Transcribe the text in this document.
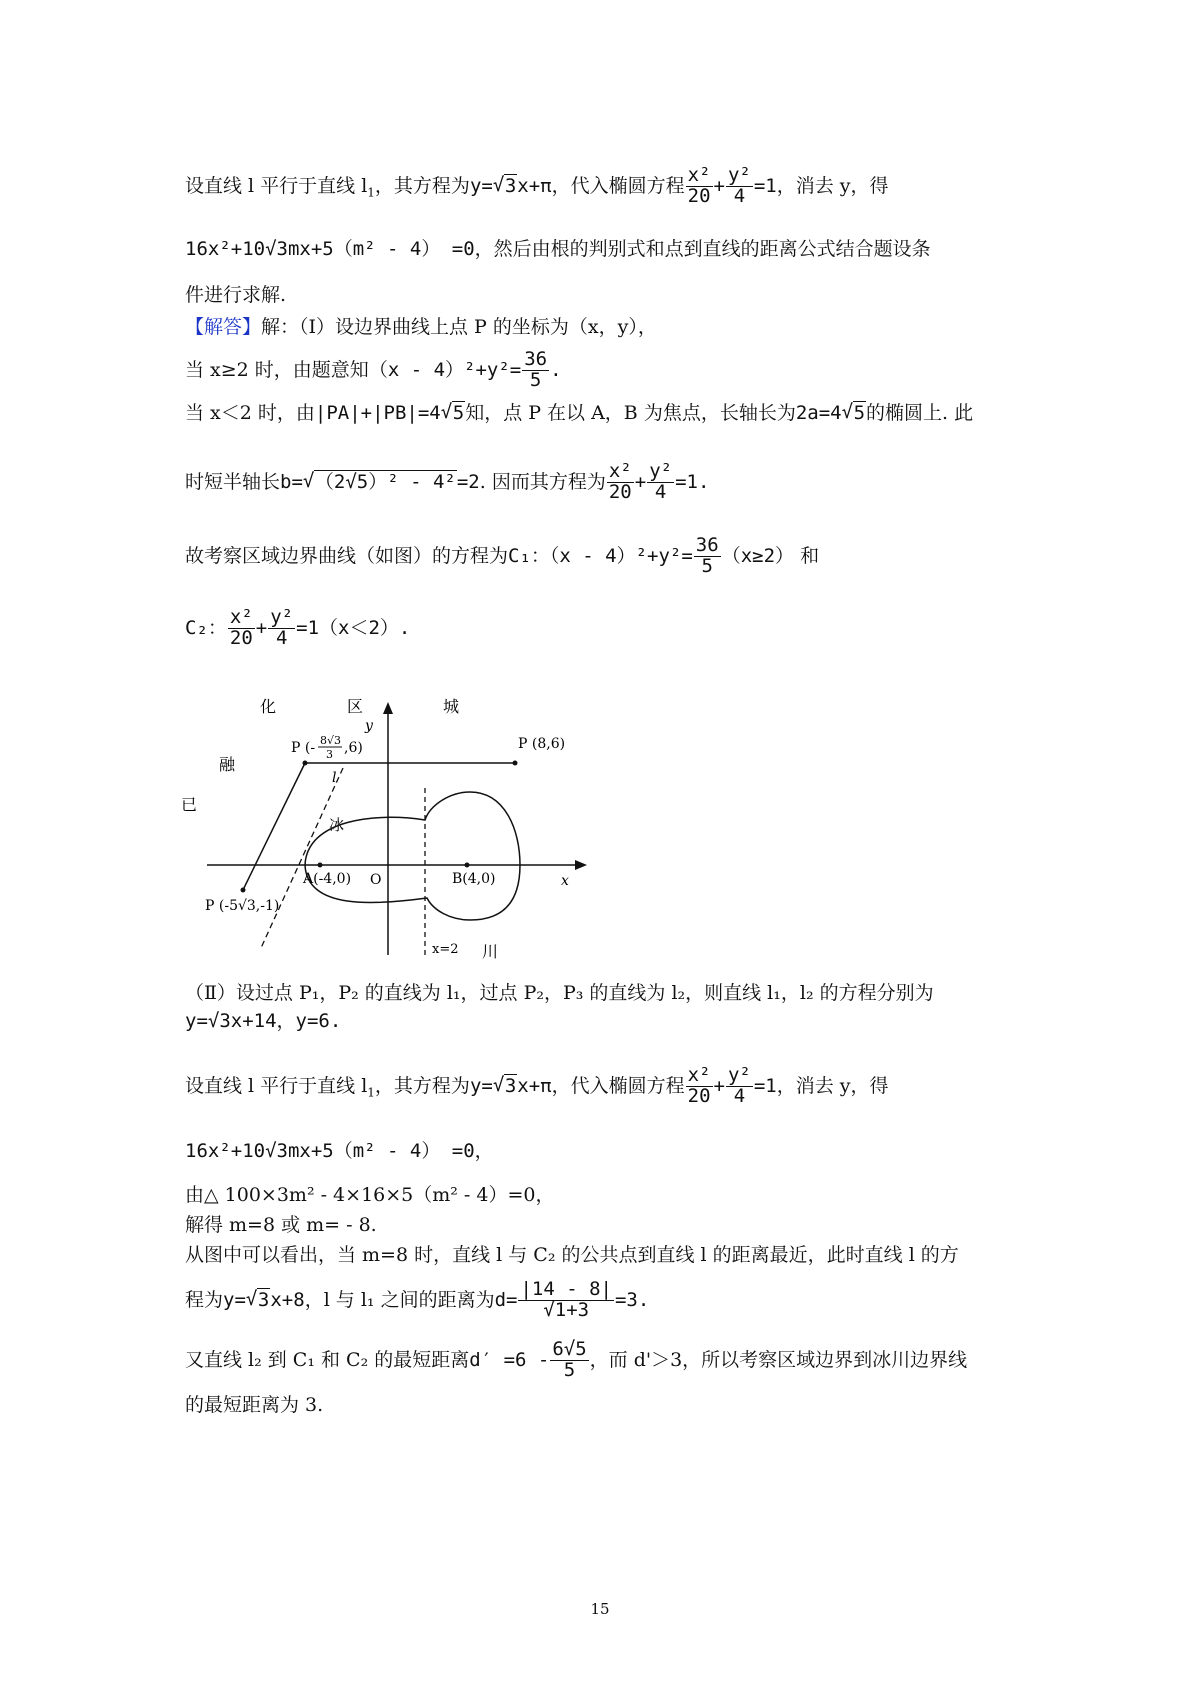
设直线 l 平行于直线 $l_1$，其方程为y= √ 3x+π，代入椭圆方程 $\frac{\text{x²}}{20} + \frac{\text{y²}}{4} =1$，消去 y，得
16x²+10√3mx+5（m² - 4） =0，然后由根的判别式和点到直线的距离公式结合题设条
件进行求解.
【解答】解：（Ⅰ）设边界曲线上点 P 的坐标为（x，y），
当 x≥2 时，由题意知$(x - 4)^2+y^2= \frac{36}{5}$ .
当 x＜2 时，由|PA|+|PB|=4 √ 5知，点 P 在以 A，B 为焦点，长轴长为2a=4 √ 5的椭圆上. 此
时短半轴长b= √ （2√5）² - 4²=2. 因而其方程为 $\frac{\text{x²}}{20} + \frac{\text{y²}}{4} =1$.
故考察区域边界曲线（如图）的方程为C₁：$(x - 4)^2+y^2= \frac{36}{5} (x\ge 2)$ 和
C₂： $\frac{\text{x²}}{20} + \frac{\text{y²}}{4} =1(x<2)$.
化	区	城
融
已
冰
川
x
y
O
x=2
l
P (- 8√3
3 ,6)	P (8,6)
P (-5√3,-1)
A(-4,0)	B(4,0)
（Ⅱ）设过点 P₁，P₂ 的直线为 l₁，过点 P₂，P₃ 的直线为 l₂，则直线 l₁，l₂ 的方程分别为
y=√3x+14，y=6.
设直线 l 平行于直线 $l_1$，其方程为y= √ 3x+π，代入椭圆方程 $\frac{\text{x²}}{20} + \frac{\text{y²}}{4} =1$，消去 y，得
16x²+10√3mx+5（m² - 4） =0，
由△ 100×3m² - 4×16×5（m² - 4）=0，
解得 m=8 或 m= - 8.
从图中可以看出，当 m=8 时，直线 l 与 C₂ 的公共点到直线 l 的距离最近，此时直线 l 的方
程为y= √ 3x+8，l 与 l₁ 之间的距离为$d= \frac{|14 - 8|}{√1+3} =3$.
又直线 l₂ 到 C₁ 和 C₂ 的最短距离$d' =6 - \frac{6√5}{5}$ ，而 d'＞3，所以考察区域边界到冰川边界线
的最短距离为 3.
15
